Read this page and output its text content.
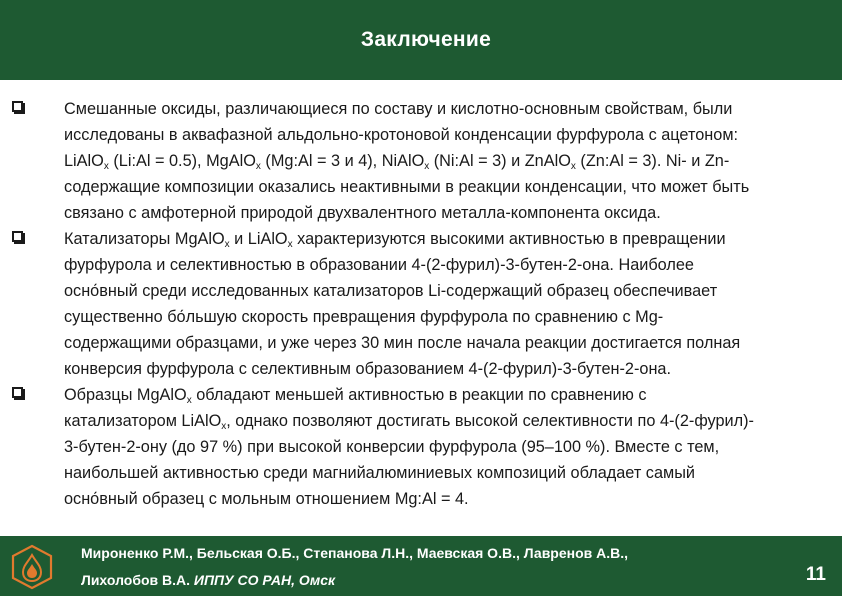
Заключение
Смешанные оксиды, различающиеся по составу и кислотно-основным свойствам, были
исследованы в аквафазной альдольно-кротоновой конденсации фурфурола с ацетоном:
LiAlO$_x$ (Li:Al = 0.5), MgAlO$_x$ (Mg:Al = 3 и 4), NiAlO$_x$ (Ni:Al = 3) и ZnAlO$_x$ (Zn:Al = 3). Ni- и Zn-
содержащие композиции оказались неактивными в реакции конденсации, что может быть
связано с амфотерной природой двухвалентного металла-компонента оксида.
Катализаторы MgAlO$_x$ и LiAlO$_x$ характеризуются высокими активностью в превращении
фурфурола и селективностью в образовании 4-(2-фурил)-3-бутен-2-она. Наиболее
осно́вный среди исследованных катализаторов Li-содержащий образец обеспечивает
существенно бо́льшую скорость превращения фурфурола по сравнению с Mg-
содержащими образцами, и уже через 30 мин после начала реакции достигается полная
конверсия фурфурола с селективным образованием 4-(2-фурил)-3-бутен-2-она.
Образцы MgAlO$_x$ обладают меньшей активностью в реакции по сравнению с
катализатором LiAlO$_x$, однако позволяют достигать высокой селективности по 4-(2-фурил)-
3-бутен-2-ону (до 97 %) при высокой конверсии фурфурола (95–100 %). Вместе с тем,
наибольшей активностью среди магнийалюминиевых композиций обладает самый
осно́вный образец с мольным отношением Mg:Al = 4.
Мироненко Р.М., Бельская О.Б., Степанова Л.Н., Маевская О.В., Лавренов А.В.,
Лихолобов В.А. ИППУ СО РАН, Омск	11
